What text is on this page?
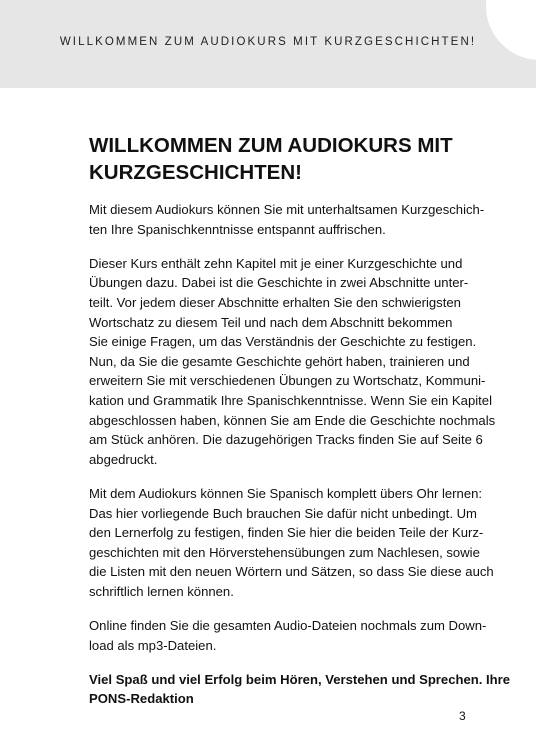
WILLKOMMEN ZUM AUDIOKURS MIT KURZGESCHICHTEN!
WILLKOMMEN ZUM AUDIOKURS MIT
KURZGESCHICHTEN!

Mit diesem Audiokurs können Sie mit unterhaltsamen Kurzgeschich-
ten Ihre Spanischkenntnisse entspannt auffrischen.

Dieser Kurs enthält zehn Kapitel mit je einer Kurzgeschichte und
Übungen dazu. Dabei ist die Geschichte in zwei Abschnitte unter-
teilt. Vor jedem dieser Abschnitte erhalten Sie den schwierigsten
Wortschatz zu diesem Teil und nach dem Abschnitt bekommen
Sie einige Fragen, um das Verständnis der Geschichte zu festigen.
Nun, da Sie die gesamte Geschichte gehört haben, trainieren und
erweitern Sie mit verschiedenen Übungen zu Wortschatz, Kommuni-
kation und Grammatik Ihre Spanischkenntnisse. Wenn Sie ein Kapitel
abgeschlossen haben, können Sie am Ende die Geschichte nochmals
am Stück anhören. Die dazugehörigen Tracks finden Sie auf Seite 6
abgedruckt.

Mit dem Audiokurs können Sie Spanisch komplett übers Ohr lernen:
Das hier vorliegende Buch brauchen Sie dafür nicht unbedingt. Um
den Lernerfolg zu festigen, finden Sie hier die beiden Teile der Kurz-
geschichten mit den Hörverstehensübungen zum Nachlesen, sowie
die Listen mit den neuen Wörtern und Sätzen, so dass Sie diese auch
schriftlich lernen können.

Online finden Sie die gesamten Audio-Dateien nochmals zum Down-
load als mp3-Dateien.

Viel Spaß und viel Erfolg beim Hören, Verstehen und Sprechen. Ihre
PONS-Redaktion

3
